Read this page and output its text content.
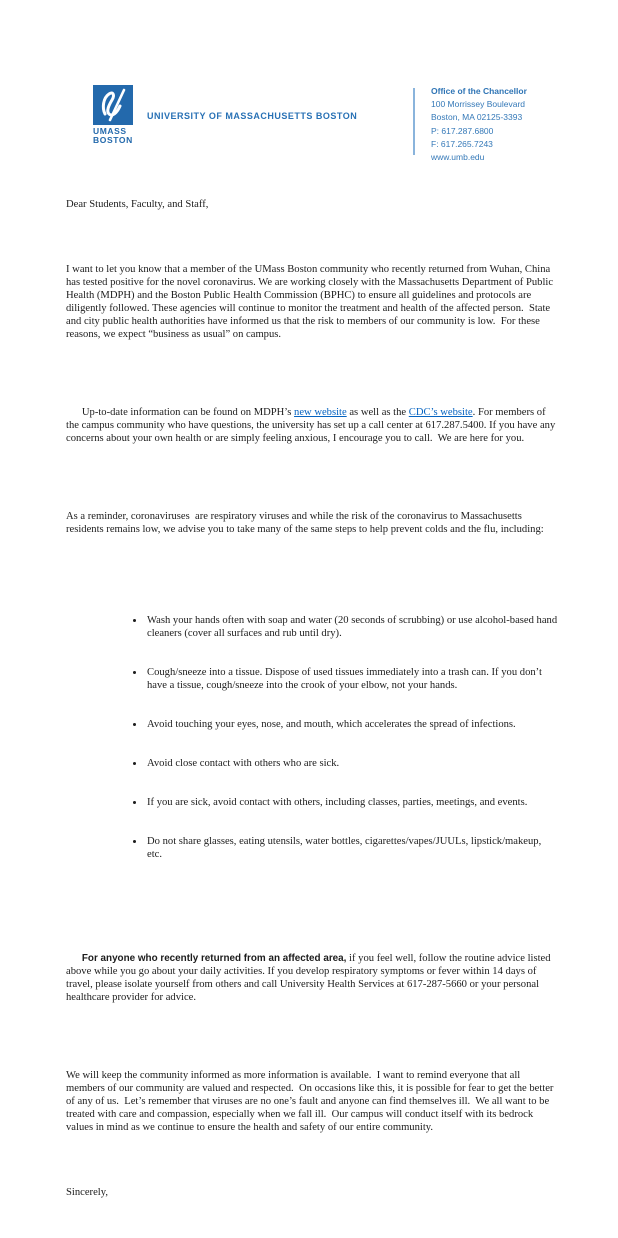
UMASS
BOSTON
UNIVERSITY OF MASSACHUSETTS BOSTON
Office of the Chancellor
100 Morrissey Boulevard
Boston, MA 02125-3393
P: 617.287.6800
F: 617.265.7243
www.umb.edu

Dear Students, Faculty, and Staff,

I want to let you know that a member of the UMass Boston community who recently returned from Wuhan, China has tested positive for the novel coronavirus. We are working closely with the Massachusetts Department of Public Health (MDPH) and the Boston Public Health Commission (BPHC) to ensure all guidelines and protocols are diligently followed. These agencies will continue to monitor the treatment and health of the affected person.  State and city public health authorities have informed us that the risk to members of our community is low.  For these reasons, we expect “business as usual” on campus.

Up-to-date information can be found on MDPH’s new website as well as the CDC’s website. For members of the campus community who have questions, the university has set up a call center at 617.287.5400. If you have any concerns about your own health or are simply feeling anxious, I encourage you to call.  We are here for you.

As a reminder, coronaviruses  are respiratory viruses and while the risk of the coronavirus to Massachusetts residents remains low, we advise you to take many of the same steps to help prevent colds and the flu, including:

• Wash your hands often with soap and water (20 seconds of scrubbing) or use alcohol-based hand cleaners (cover all surfaces and rub until dry).

• Cough/sneeze into a tissue. Dispose of used tissues immediately into a trash can. If you don’t have a tissue, cough/sneeze into the crook of your elbow, not your hands.

• Avoid touching your eyes, nose, and mouth, which accelerates the spread of infections.

• Avoid close contact with others who are sick.

• If you are sick, avoid contact with others, including classes, parties, meetings, and events.

• Do not share glasses, eating utensils, water bottles, cigarettes/vapes/JUULs, lipstick/makeup, etc.

For anyone who recently returned from an affected area, if you feel well, follow the routine advice listed above while you go about your daily activities. If you develop respiratory symptoms or fever within 14 days of travel, please isolate yourself from others and call University Health Services at 617-287-5660 or your personal healthcare provider for advice.

We will keep the community informed as more information is available.  I want to remind everyone that all members of our community are valued and respected.  On occasions like this, it is possible for fear to get the better of any of us.  Let’s remember that viruses are no one’s fault and anyone can find themselves ill.  We all want to be treated with care and compassion, especially when we fall ill.  Our campus will conduct itself with its bedrock values in mind as we continue to ensure the health and safety of our entire community.

Sincerely,
